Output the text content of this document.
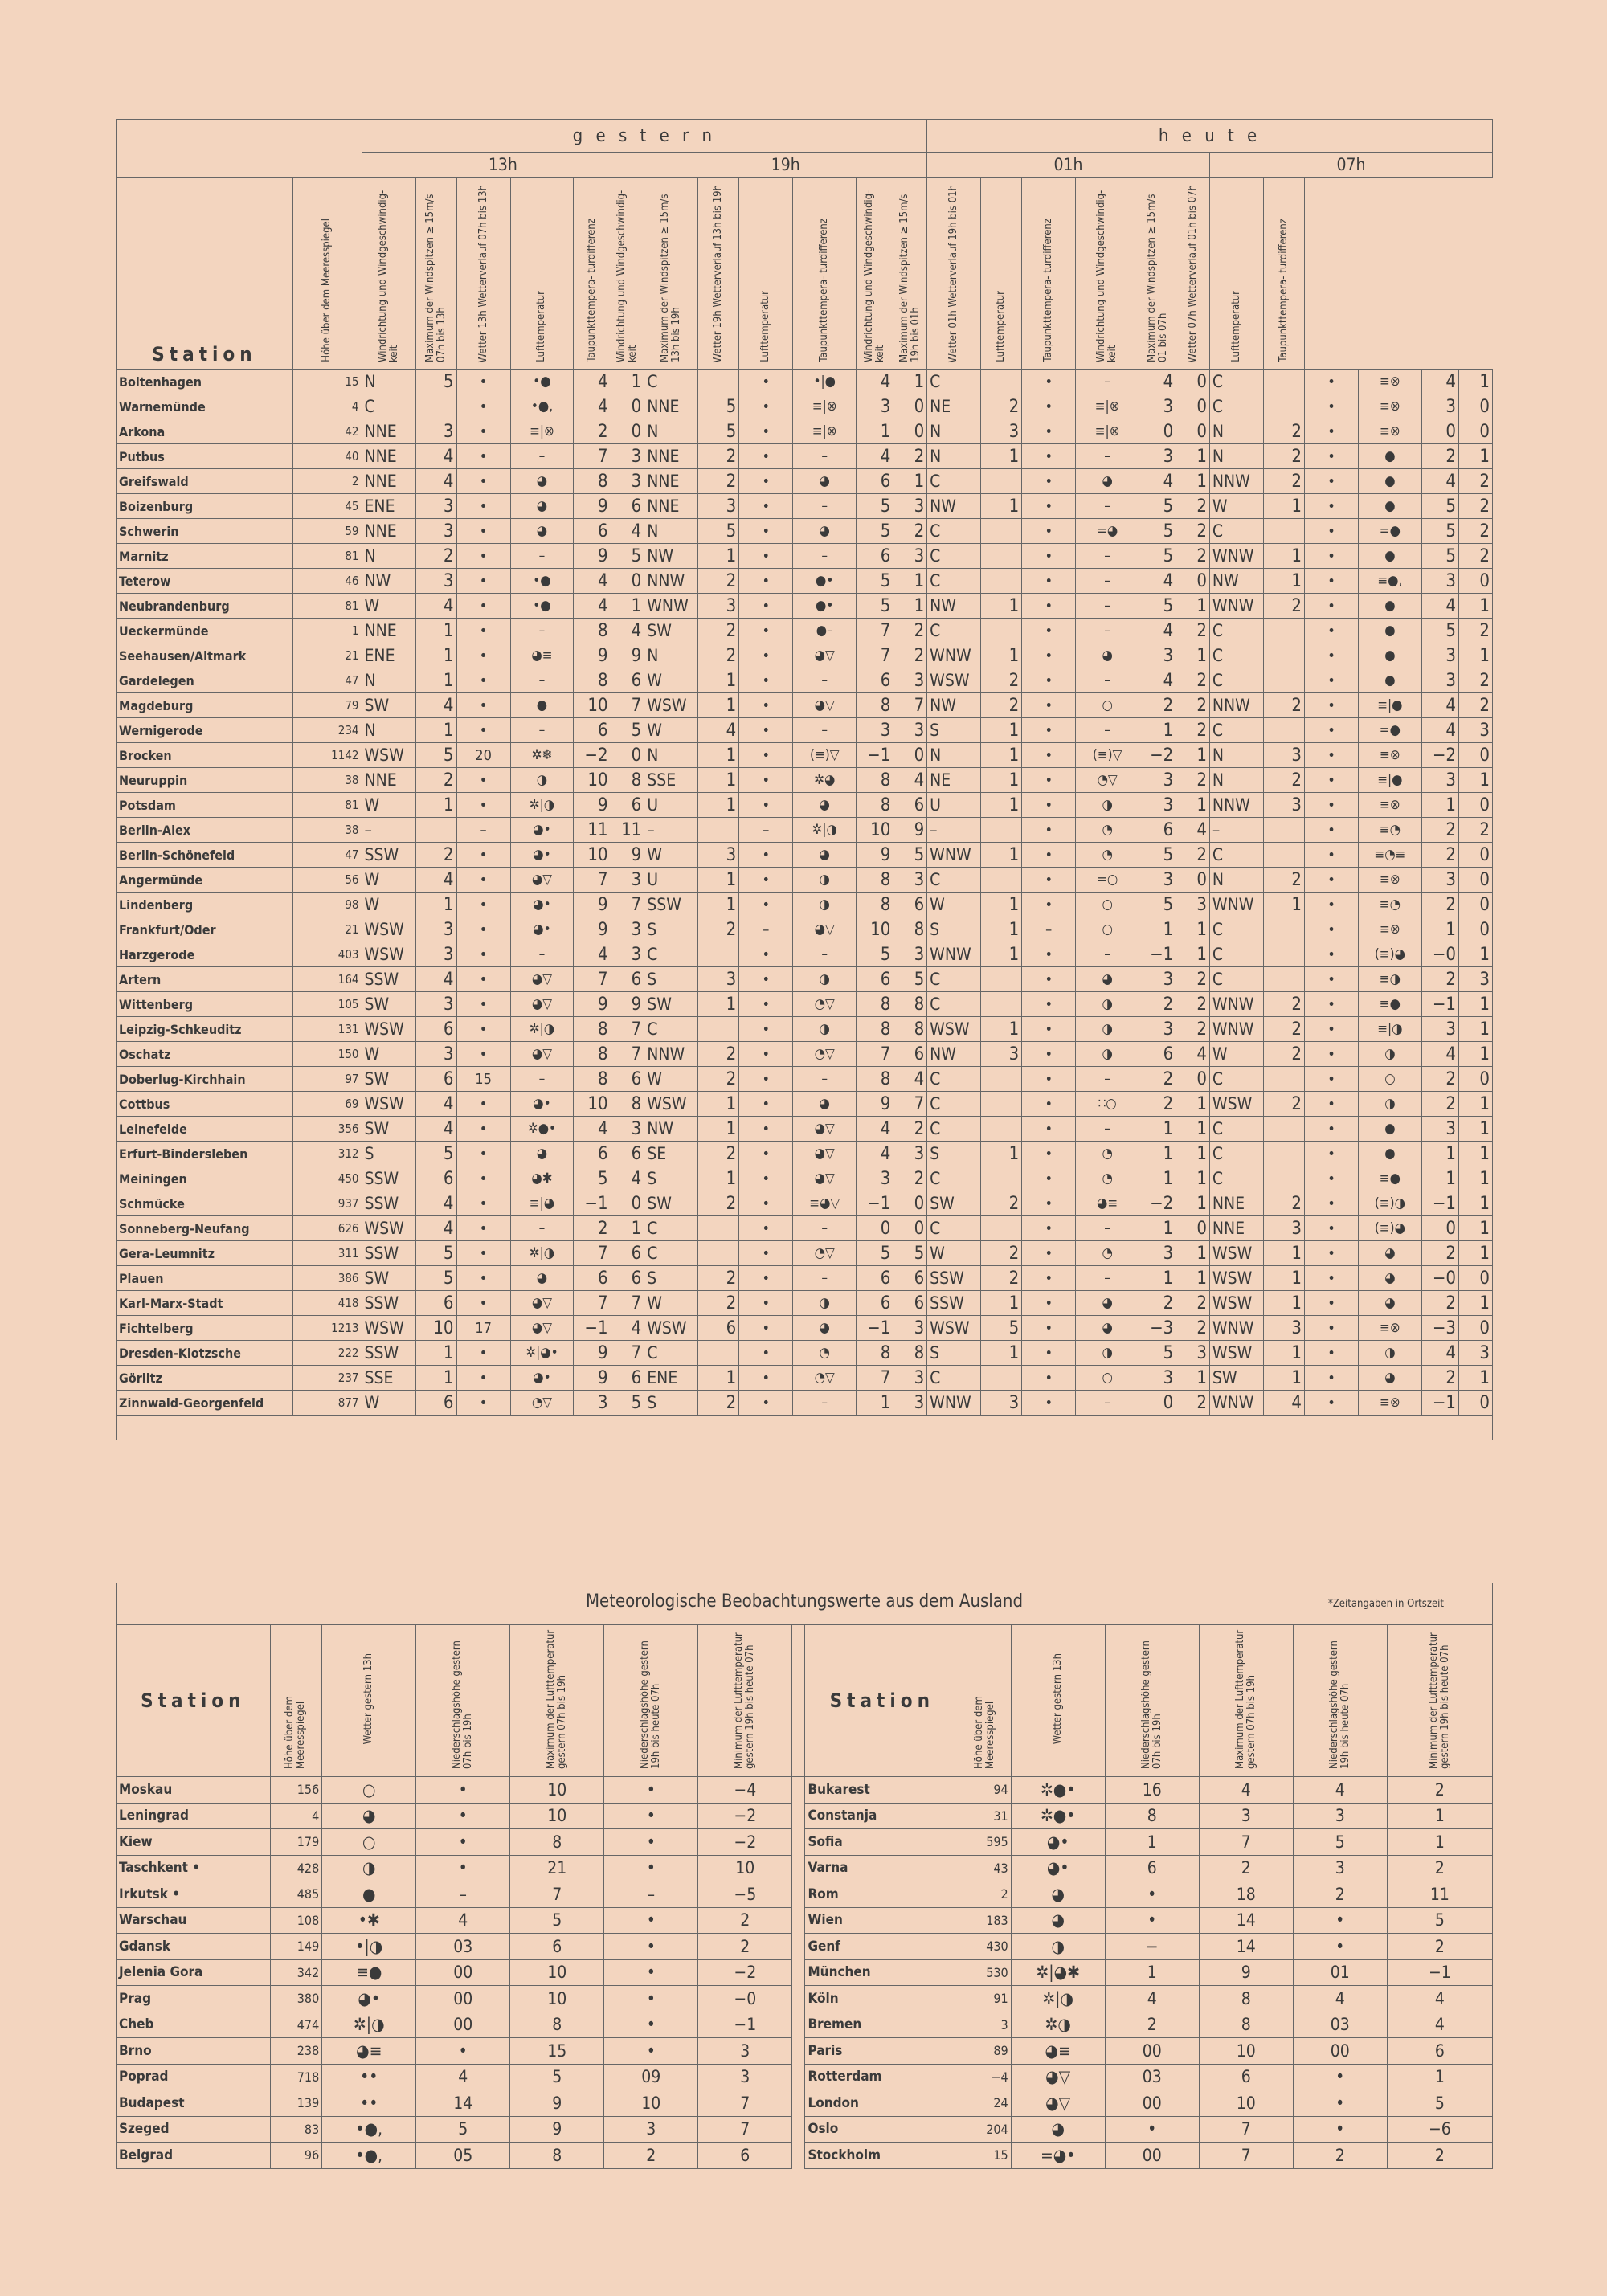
		g e s t e r n												h e u t e											
		13h						19h						01h						07h					
Station	Höhe über dem Meeresspiegel	Windrichtung und Windgeschwindig- keit	Maximum der Windspitzen ≥ 15m/s 07h bis 13h	Wetter 13h Wetterverlauf 07h bis 13h	Lufttemperatur	Taupunkttempera- turdifferenz	Windrichtung und Windgeschwindig- keit	Maximum der Windspitzen ≥ 15m/s 13h bis 19h	Wetter 19h Wetterverlauf 13h bis 19h	Lufttemperatur	Taupunkttempera- turdifferenz	Windrichtung und Windgeschwindig- keit	Maximum der Windspitzen ≥ 15m/s 19h bis 01h	Wetter 01h Wetterverlauf 19h bis 01h	Lufttemperatur	Taupunkttempera- turdifferenz	Windrichtung und Windgeschwindig- keit	Maximum der Windspitzen ≥ 15m/s 01 bis 07h	Wetter 07h Wetterverlauf 01h bis 07h	Lufttemperatur	Taupunkttempera- turdifferenz				
Boltenhagen	15	N	5	•	•●	4	1	C		•	•|●	4	1	C		•	–	4	0	C		•	≡⊗	4	1
Warnemünde	4	C		•	•●,	4	0	NNE	5	•	≡|⊗	3	0	NE	2	•	≡|⊗	3	0	C		•	≡⊗	3	0
Arkona	42	NNE	3	•	≡|⊗	2	0	N	5	•	≡|⊗	1	0	N	3	•	≡|⊗	0	0	N	2	•	≡⊗	0	0
Putbus	40	NNE	4	•	–	7	3	NNE	2	•	–	4	2	N	1	•	–	3	1	N	2	•	●	2	1
Greifswald	2	NNE	4	•	◕	8	3	NNE	2	•	◕	6	1	C		•	◕	4	1	NNW	2	•	●	4	2
Boizenburg	45	ENE	3	•	◕	9	6	NNE	3	•	–	5	3	NW	1	•	–	5	2	W	1	•	●	5	2
Schwerin	59	NNE	3	•	◕	6	4	N	5	•	◕	5	2	C		•	=◕	5	2	C		•	=●	5	2
Marnitz	81	N	2	•	–	9	5	NW	1	•	–	6	3	C		•	–	5	2	WNW	1	•	●	5	2
Teterow	46	NW	3	•	•●	4	0	NNW	2	•	●•	5	1	C		•	–	4	0	NW	1	•	≡●,	3	0
Neubrandenburg	81	W	4	•	•●	4	1	WNW	3	•	●•	5	1	NW	1	•	–	5	1	WNW	2	•	●	4	1
Ueckermünde	1	NNE	1	•	–	8	4	SW	2	•	●–	7	2	C		•	–	4	2	C		•	●	5	2
Seehausen/Altmark	21	ENE	1	•	◕≡	9	9	N	2	•	◕▽	7	2	WNW	1	•	◕	3	1	C		•	●	3	1
Gardelegen	47	N	1	•	–	8	6	W	1	•	–	6	3	WSW	2	•	–	4	2	C		•	●	3	2
Magdeburg	79	SW	4	•	●	10	7	WSW	1	•	◕▽	8	7	NW	2	•	○	2	2	NNW	2	•	≡|●	4	2
Wernigerode	234	N	1	•	–	6	5	W	4	•	–	3	3	S	1	•	–	1	2	C		•	=●	4	3
Brocken	1142	WSW	5	20	✲❄	−2	0	N	1	•	(≡)▽	−1	0	N	1	•	(≡)▽	−2	1	N	3	•	≡⊗	−2	0
Neuruppin	38	NNE	2	•	◑	10	8	SSE	1	•	✲◕	8	4	NE	1	•	◔▽	3	2	N	2	•	≡|●	3	1
Potsdam	81	W	1	•	✲|◑	9	6	U	1	•	◕	8	6	U	1	•	◑	3	1	NNW	3	•	≡⊗	1	0
Berlin-Alex	38	–		–	◕•	11	11	–		–	✲|◑	10	9	–		•	◔	6	4	–		•	≡◔	2	2
Berlin-Schönefeld	47	SSW	2	•	◕•	10	9	W	3	•	◕	9	5	WNW	1	•	◔	5	2	C		•	≡◔≡	2	0
Angermünde	56	W	4	•	◕▽	7	3	U	1	•	◑	8	3	C		•	=○	3	0	N	2	•	≡⊗	3	0
Lindenberg	98	W	1	•	◕•	9	7	SSW	1	•	◑	8	6	W	1	•	○	5	3	WNW	1	•	≡◔	2	0
Frankfurt/Oder	21	WSW	3	•	◕•	9	3	S	2	–	◕▽	10	8	S	1	–	○	1	1	C		•	≡⊗	1	0
Harzgerode	403	WSW	3	•	–	4	3	C		•	–	5	3	WNW	1	•	–	−1	1	C		•	(≡)◕	−0	1
Artern	164	SSW	4	•	◕▽	7	6	S	3	•	◑	6	5	C		•	◕	3	2	C		•	≡◑	2	3
Wittenberg	105	SW	3	•	◕▽	9	9	SW	1	•	◔▽	8	8	C		•	◑	2	2	WNW	2	•	≡●	−1	1
Leipzig-Schkeuditz	131	WSW	6	•	✲|◑	8	7	C		•	◑	8	8	WSW	1	•	◑	3	2	WNW	2	•	≡|◑	3	1
Oschatz	150	W	3	•	◕▽	8	7	NNW	2	•	◔▽	7	6	NW	3	•	◑	6	4	W	2	•	◑	4	1
Doberlug-Kirchhain	97	SW	6	15	–	8	6	W	2	•	–	8	4	C		•	–	2	0	C		•	○	2	0
Cottbus	69	WSW	4	•	◕•	10	8	WSW	1	•	◕	9	7	C		•	∷○	2	1	WSW	2	•	◑	2	1
Leinefelde	356	SW	4	•	✲●•	4	3	NW	1	•	◕▽	4	2	C		•	–	1	1	C		•	●	3	1
Erfurt-Bindersleben	312	S	5	•	◕	6	6	SE	2	•	◕▽	4	3	S	1	•	◔	1	1	C		•	●	1	1
Meiningen	450	SSW	6	•	◕✱	5	4	S	1	•	◕▽	3	2	C		•	◔	1	1	C		•	≡●	1	1
Schmücke	937	SSW	4	•	≡|◕	−1	0	SW	2	•	≡◕▽	−1	0	SW	2	•	◕≡	−2	1	NNE	2	•	(≡)◑	−1	1
Sonneberg-Neufang	626	WSW	4	•	–	2	1	C		•	–	0	0	C		•	–	1	0	NNE	3	•	(≡)◕	0	1
Gera-Leumnitz	311	SSW	5	•	✲|◑	7	6	C		•	◔▽	5	5	W	2	•	◔	3	1	WSW	1	•	◕	2	1
Plauen	386	SW	5	•	◕	6	6	S	2	•	–	6	6	SSW	2	•	–	1	1	WSW	1	•	◕	−0	0
Karl-Marx-Stadt	418	SSW	6	•	◕▽	7	7	W	2	•	◑	6	6	SSW	1	•	◕	2	2	WSW	1	•	◕	2	1
Fichtelberg	1213	WSW	10	17	◕▽	−1	4	WSW	6	•	◕	−1	3	WSW	5	•	◕	−3	2	WNW	3	•	≡⊗	−3	0
Dresden-Klotzsche	222	SSW	1	•	✲|◕•	9	7	C		•	◔	8	8	S	1	•	◑	5	3	WSW	1	•	◑	4	3
Görlitz	237	SSE	1	•	◕•	9	6	ENE	1	•	◔▽	7	3	C		•	○	3	1	SW	1	•	◕	2	1
Zinnwald-Georgenfeld	877	W	6	•	◔▽	3	5	S	2	•	–	1	3	WNW	3	•	–	0	2	WNW	4	•	≡⊗	−1	0

Meteorologische Beobachtungswerte aus dem Ausland	*Zeitangaben in Ortszeit
Station	Höhe über dem Meeresspiegel	Wetter gestern 13h	Niederschlagshöhe gestern 07h bis 19h	Maximum der Lufttemperatur gestern 07h bis 19h	Niederschlagshöhe gestern 19h bis heute 07h	Minimum der Lufttemperatur gestern 19h bis heute 07h		Station	Höhe über dem Meeresspiegel	Wetter gestern 13h	Niederschlagshöhe gestern 07h bis 19h	Maximum der Lufttemperatur gestern 07h bis 19h	Niederschlagshöhe gestern 19h bis heute 07h	Minimum der Lufttemperatur gestern 19h bis heute 07h
Moskau	156	○	•	10	•	−4		Bukarest	94	✲●•	16	4	4	2
Leningrad	4	◕	•	10	•	−2		Constanja	31	✲●•	8	3	3	1
Kiew	179	○	•	8	•	−2		Sofia	595	◕•	1	7	5	1
Taschkent •	428	◑	•	21	•	10		Varna	43	◕•	6	2	3	2
Irkutsk •	485	●	–	7	–	−5		Rom	2	◕	•	18	2	11
Warschau	108	•✱	4	5	•	2		Wien	183	◕	•	14	•	5
Gdansk	149	•|◑	03	6	•	2		Genf	430	◑	−	14	•	2
Jelenia Gora	342	≡●	00	10	•	−2		München	530	✲|◕✱	1	9	01	−1
Prag	380	◕•	00	10	•	−0		Köln	91	✲|◑	4	8	4	4
Cheb	474	✲|◑	00	8	•	−1		Bremen	3	✲◑	2	8	03	4
Brno	238	◕≡	•	15	•	3		Paris	89	◕≡	00	10	00	6
Poprad	718	••	4	5	09	3		Rotterdam	−4	◕▽	03	6	•	1
Budapest	139	••	14	9	10	7		London	24	◕▽	00	10	•	5
Szeged	83	•●,	5	9	3	7		Oslo	204	◕	•	7	•	−6
Belgrad	96	•●,	05	8	2	6		Stockholm	15	=◕•	00	7	2	2
